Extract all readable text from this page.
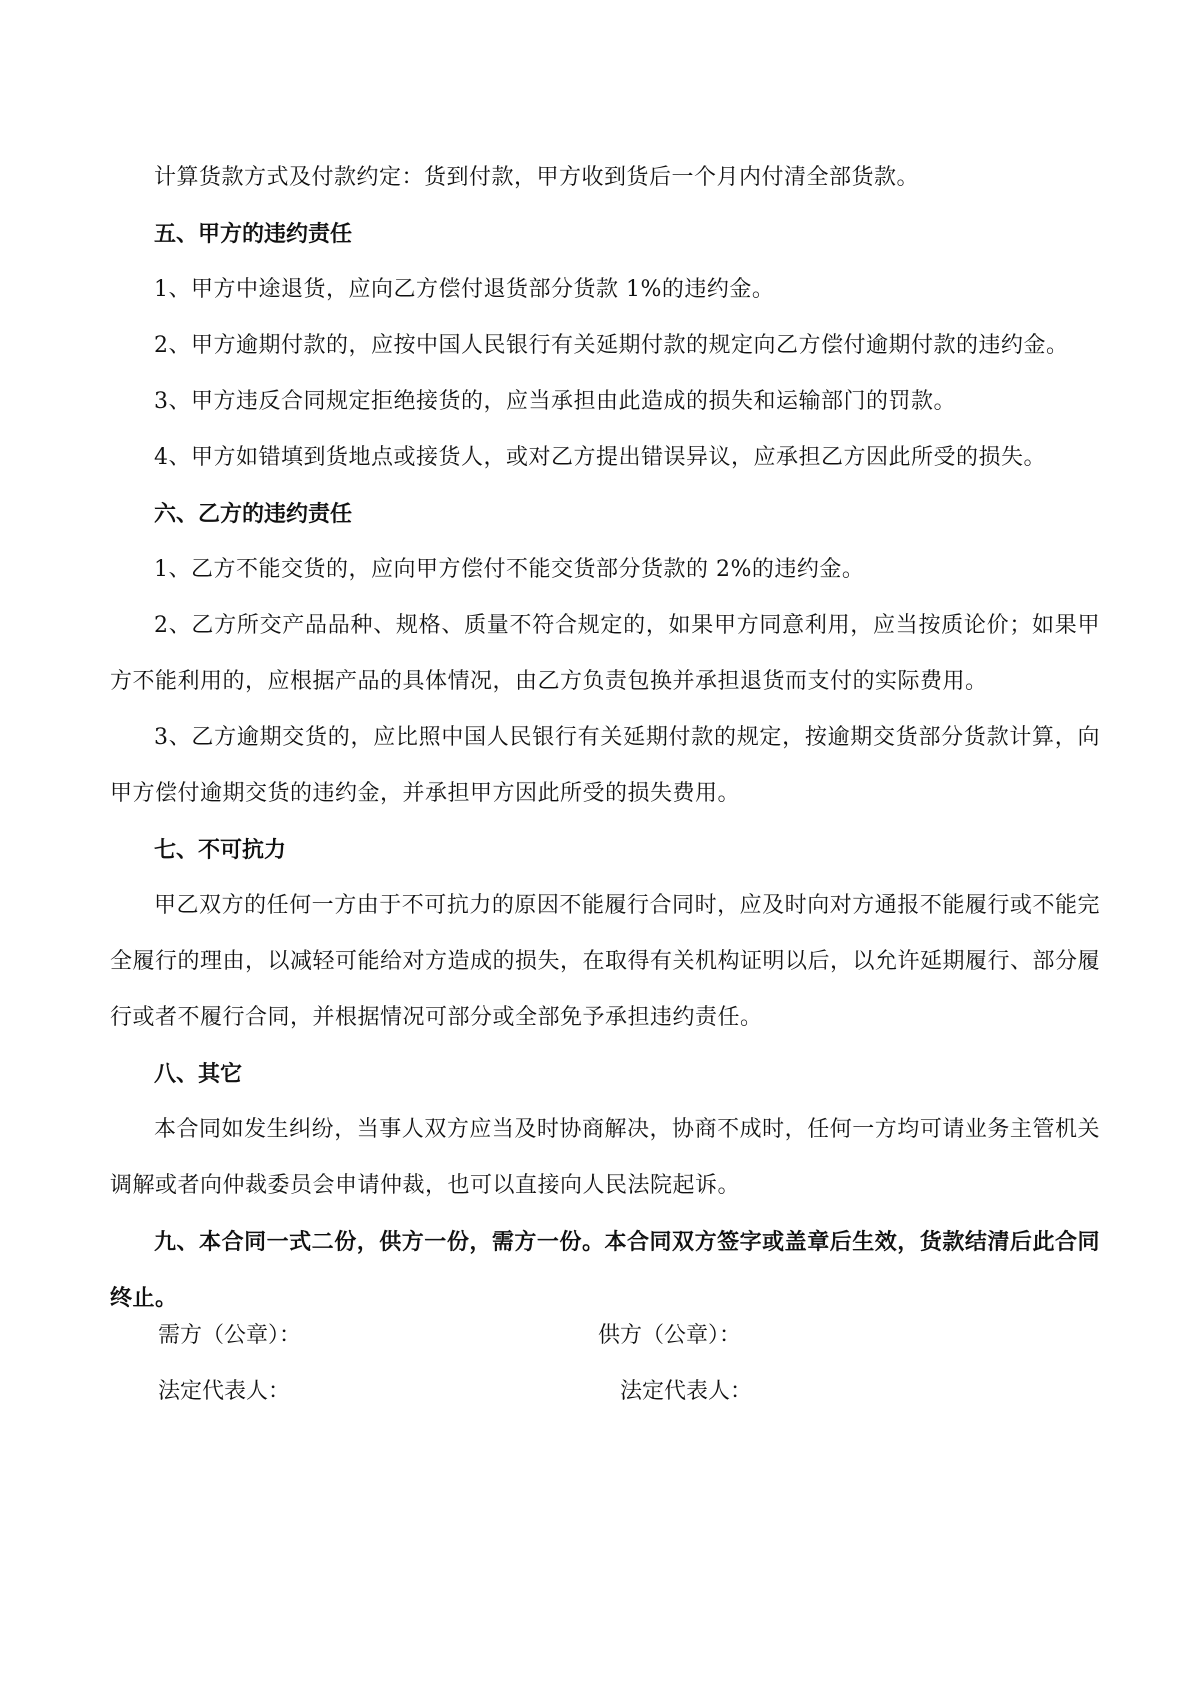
计算货款方式及付款约定：货到付款，甲方收到货后一个月内付清全部货款。

五、甲方的违约责任

1、甲方中途退货，应向乙方偿付退货部分货款 1%的违约金。

2、甲方逾期付款的，应按中国人民银行有关延期付款的规定向乙方偿付逾期付款的违约金。

3、甲方违反合同规定拒绝接货的，应当承担由此造成的损失和运输部门的罚款。

4、甲方如错填到货地点或接货人，或对乙方提出错误异议，应承担乙方因此所受的损失。

六、乙方的违约责任

1、乙方不能交货的，应向甲方偿付不能交货部分货款的 2%的违约金。

2、乙方所交产品品种、规格、质量不符合规定的，如果甲方同意利用，应当按质论价；如果甲方不能利用的，应根据产品的具体情况，由乙方负责包换并承担退货而支付的实际费用。

3、乙方逾期交货的，应比照中国人民银行有关延期付款的规定，按逾期交货部分货款计算，向甲方偿付逾期交货的违约金，并承担甲方因此所受的损失费用。

七、不可抗力

甲乙双方的任何一方由于不可抗力的原因不能履行合同时，应及时向对方通报不能履行或不能完全履行的理由，以减轻可能给对方造成的损失，在取得有关机构证明以后，以允许延期履行、部分履行或者不履行合同，并根据情况可部分或全部免予承担违约责任。

八、其它

本合同如发生纠纷，当事人双方应当及时协商解决，协商不成时，任何一方均可请业务主管机关调解或者向仲裁委员会申请仲裁，也可以直接向人民法院起诉。

九、本合同一式二份，供方一份，需方一份。本合同双方签字或盖章后生效，货款结清后此合同终止。

需方（公章）：	供方（公章）：
法定代表人：	法定代表人：
